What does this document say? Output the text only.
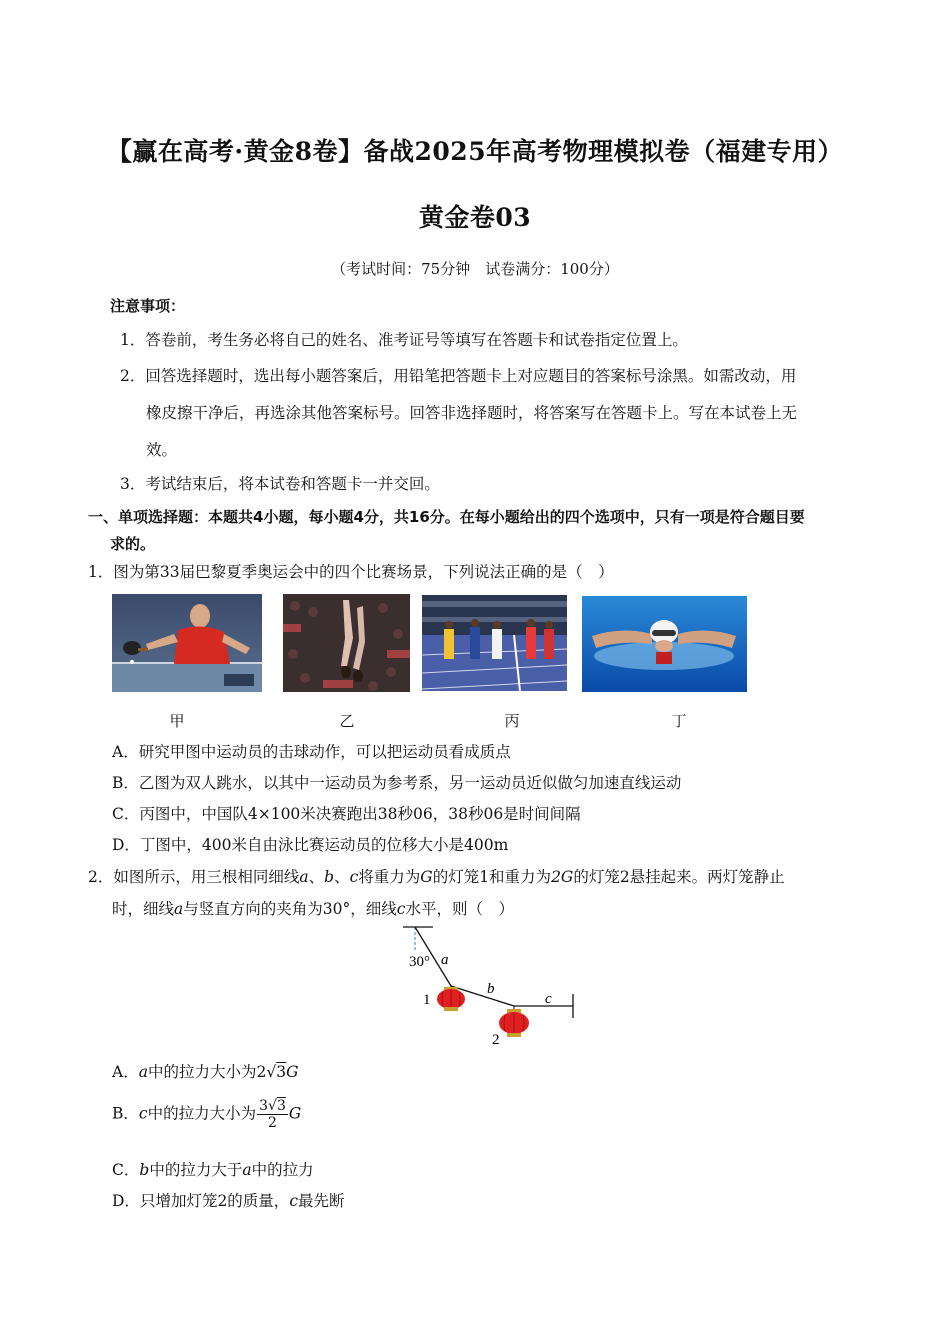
【赢在高考·黄金8卷】备战2025年高考物理模拟卷（福建专用）
黄金卷03
（考试时间：75分钟　试卷满分：100分）
注意事项：
1．答卷前，考生务必将自己的姓名、准考证号等填写在答题卡和试卷指定位置上。
2．回答选择题时，选出每小题答案后，用铅笔把答题卡上对应题目的答案标号涂黑。如需改动，用
橡皮擦干净后，再选涂其他答案标号。回答非选择题时，将答案写在答题卡上。写在本试卷上无
效。
3．考试结束后，将本试卷和答题卡一并交回。
一、单项选择题：本题共4小题，每小题4分，共16分。在每小题给出的四个选项中，只有一项是符合题目要
求的。
1．图为第33届巴黎夏季奥运会中的四个比赛场景，下列说法正确的是（　）
甲	乙	丙	丁
A．研究甲图中运动员的击球动作，可以把运动员看成质点
B．乙图为双人跳水，以其中一运动员为参考系，另一运动员近似做匀加速直线运动
C．丙图中，中国队4×100米决赛跑出38秒06，38秒06是时间间隔
D．丁图中，400米自由泳比赛运动员的位移大小是400m
2．如图所示，用三根相同细线a、b、c将重力为G的灯笼1和重力为2G的灯笼2悬挂起来。两灯笼静止
时，细线a与竖直方向的夹角为30°，细线c水平，则（　）
30° a
b
c
1
2
A．a中的拉力大小为2√3G
B．c中的拉力大小为 $\frac{3√3}{2}$ G
C．b中的拉力大于a中的拉力
D．只增加灯笼2的质量，c最先断
